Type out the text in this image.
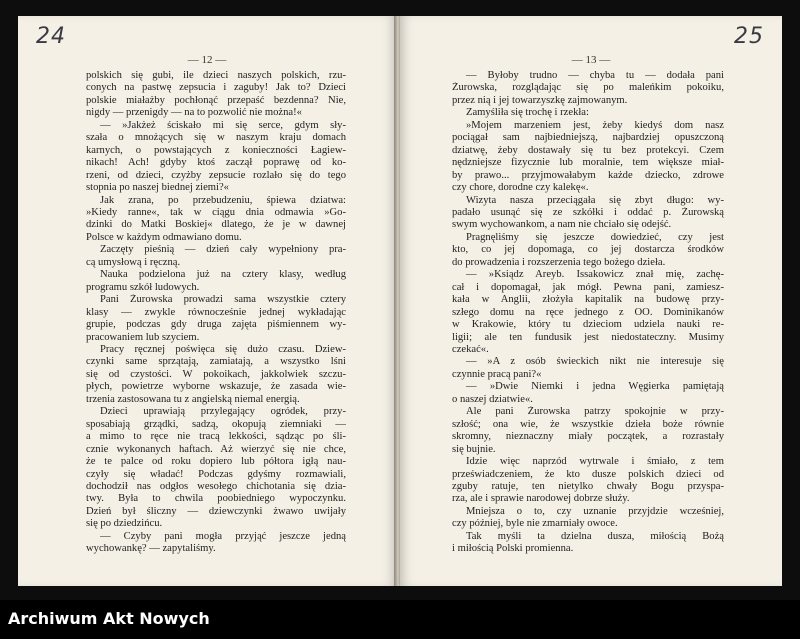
24
— 12 —
polskich się gubi, ile dzieci naszych polskich, rzu-
conych na pastwę zepsucia i zaguby! Jak to? Dzieci
polskie miałażby pochłonąć przepaść bezdenna? Nie,
nigdy — przenigdy — na to pozwolić nie można!«
— »Jakżeż ściskało mi się serce, gdym sły-
szała o mnożących się w naszym kraju domach
karnych, o powstających z konieczności Łagiew-
nikach! Ach! gdyby ktoś zaczął poprawę od ko-
rzeni, od dzieci, czyżby zepsucie rozlało się do tego
stopnia po naszej biednej ziemi?«
Jak zrana, po przebudzeniu, śpiewa dziatwa:
»Kiedy ranne«, tak w ciągu dnia odmawia »Go-
dzinki do Matki Boskiej« dlatego, że je w dawnej
Polsce w każdym odmawiano domu.
Zaczęty pieśnią — dzień cały wypełniony pra-
cą umysłową i ręczną.
Nauka podzielona już na cztery klasy, według
programu szkół ludowych.
Pani Żurowska prowadzi sama wszystkie cztery
klasy — zwykle równocześnie jednej wykładając
grupie, podczas gdy druga zajęta piśmiennem wy-
pracowaniem lub szyciem.
Pracy ręcznej poświęca się dużo czasu. Dziew-
czynki same sprzątają, zamiatają, a wszystko lśni
się od czystości. W pokoikach, jakkolwiek szczu-
płych, powietrze wyborne wskazuje, że zasada wie-
trzenia zastosowana tu z angielską niemal energią.
Dzieci uprawiają przylegający ogródek, przy-
sposabiają grządki, sadzą, okopują ziemniaki —
a mimo to ręce nie tracą lekkości, sądząc po śli-
cznie wykonanych haftach. Aż wierzyć się nie chce,
że te palce od roku dopiero lub półtora igłą nau-
czyły się władać! Podczas gdyśmy rozmawiali,
dochodził nas odgłos wesołego chichotania się dzia-
twy. Była to chwila poobiedniego wypoczynku.
Dzień był śliczny — dziewczynki żwawo uwijały
się po dziedzińcu.
— Czyby pani mogła przyjąć jeszcze jedną
wychowankę? — zapytaliśmy.
25
— 13 —
— Byłoby trudno — chyba tu — dodała pani
Żurowska, rozglądając się po maleńkim pokoiku,
przez nią i jej towarzyszkę zajmowanym.
Zamyśliła się trochę i rzekła:
»Mojem marzeniem jest, żeby kiedyś dom nasz
pociągał sam najbiedniejszą, najbardziej opuszczoną
dziatwę, żeby dostawały się tu bez protekcyi. Czem
nędzniejsze fizycznie lub moralnie, tem większe miał-
by prawo... przyjmowałabym każde dziecko, zdrowe
czy chore, dorodne czy kalekę«.
Wizyta nasza przeciągała się zbyt długo: wy-
padało usunąć się ze szkółki i oddać p. Żurowską
swym wychowankom, a nam nie chciało się odejść.
Pragnęliśmy się jeszcze dowiedzieć, czy jest
kto, co jej dopomaga, co jej dostarcza środków
do prowadzenia i rozszerzenia tego bożego dzieła.
— »Ksiądz Areyb. Issakowicz znał mię, zachę-
cał i dopomagał, jak mógł. Pewna pani, zamiesz-
kała w Anglii, złożyła kapitalik na budowę przy-
szłego domu na ręce jednego z OO. Dominikanów
w Krakowie, który tu dzieciom udziela nauki re-
ligii; ale ten fundusik jest niedostateczny. Musimy
czekać«.
— »A z osób świeckich nikt nie interesuje się
czynnie pracą pani?«
— »Dwie Niemki i jedna Węgierka pamiętają
o naszej dziatwie«.
Ale pani Żurowska patrzy spokojnie w przy-
szłość; ona wie, że wszystkie dzieła boże równie
skromny, nieznaczny miały początek, a rozrastały
się bujnie.
Idzie więc naprzód wytrwale i śmiało, z tem
przeświadczeniem, że kto dusze polskich dzieci od
zguby ratuje, ten nietylko chwały Bogu przyspa-
rza, ale i sprawie narodowej dobrze służy.
Mniejsza o to, czy uznanie przyjdzie wcześniej,
czy później, byle nie zmarniały owoce.
Tak myśli ta dzielna dusza, miłością Bożą
i miłością Polski promienna.
Archiwum Akt Nowych
